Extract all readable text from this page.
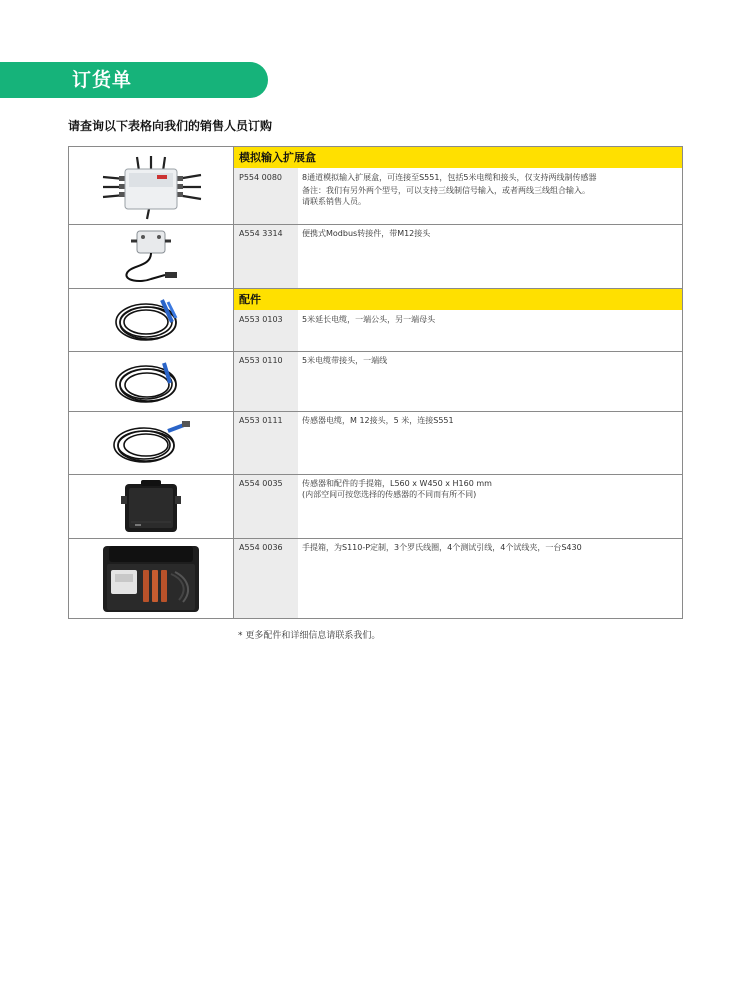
订货单
请查询以下表格向我们的销售人员订购
模拟输入扩展盒
P554 0080	8通道模拟输入扩展盒，可连接至S551，包括5米电缆和接头，仅支持两线制传感器
备注：我们有另外两个型号，可以支持三线制信号输入，或者两线三线组合输入。
请联系销售人员。
A554 3314 便携式Modbus转接件，带M12接头
配件
A553 0103 5米延长电缆，一端公头，另一端母头
A553 0110 5米电缆带接头，一端线
A553 0111 传感器电缆，M 12接头，5 米，连接S551
A554 0035 传感器和配件的手提箱，L560 x W450 x H160 mm
(内部空间可按您选择的传感器的不同而有所不同)
A554 0036 手提箱，为S110-P定制，3个罗氏线圈，4个测试引线，4个试线夹，一台S430
* 更多配件和详细信息请联系我们。
